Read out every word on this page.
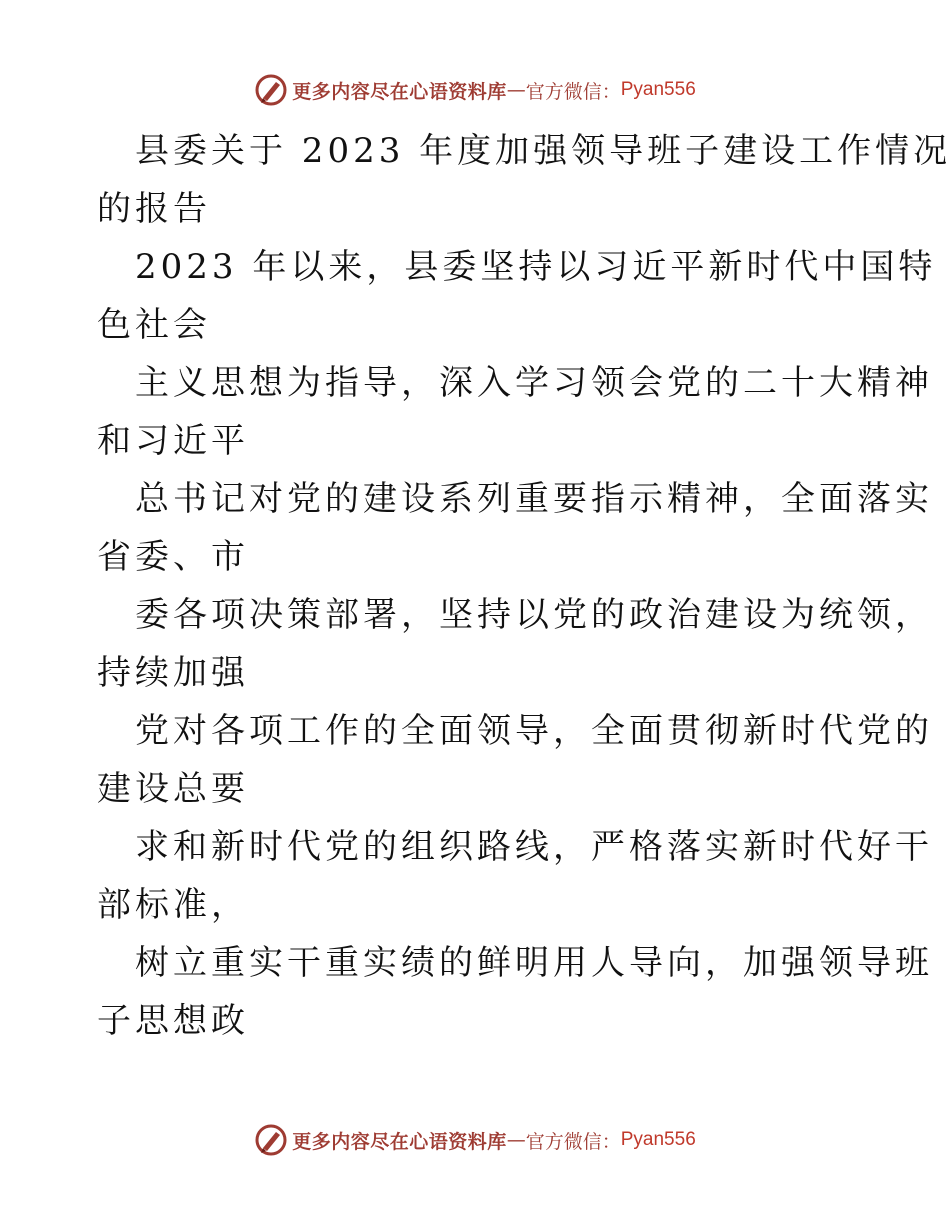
更多内容尽在心语资料库 — 官方微信： Pyan556
县委关于 2023 年度加强领导班子建设工作情况
的报告
2023 年以来，县委坚持以习近平新时代中国特
色社会
主义思想为指导，深入学习领会党的二十大精神
和习近平
总书记对党的建设系列重要指示精神，全面落实
省委、市
委各项决策部署，坚持以党的政治建设为统领，
持续加强
党对各项工作的全面领导，全面贯彻新时代党的
建设总要
求和新时代党的组织路线，严格落实新时代好干
部标准，
树立重实干重实绩的鲜明用人导向，加强领导班
子思想政
更多内容尽在心语资料库 — 官方微信： Pyan556
